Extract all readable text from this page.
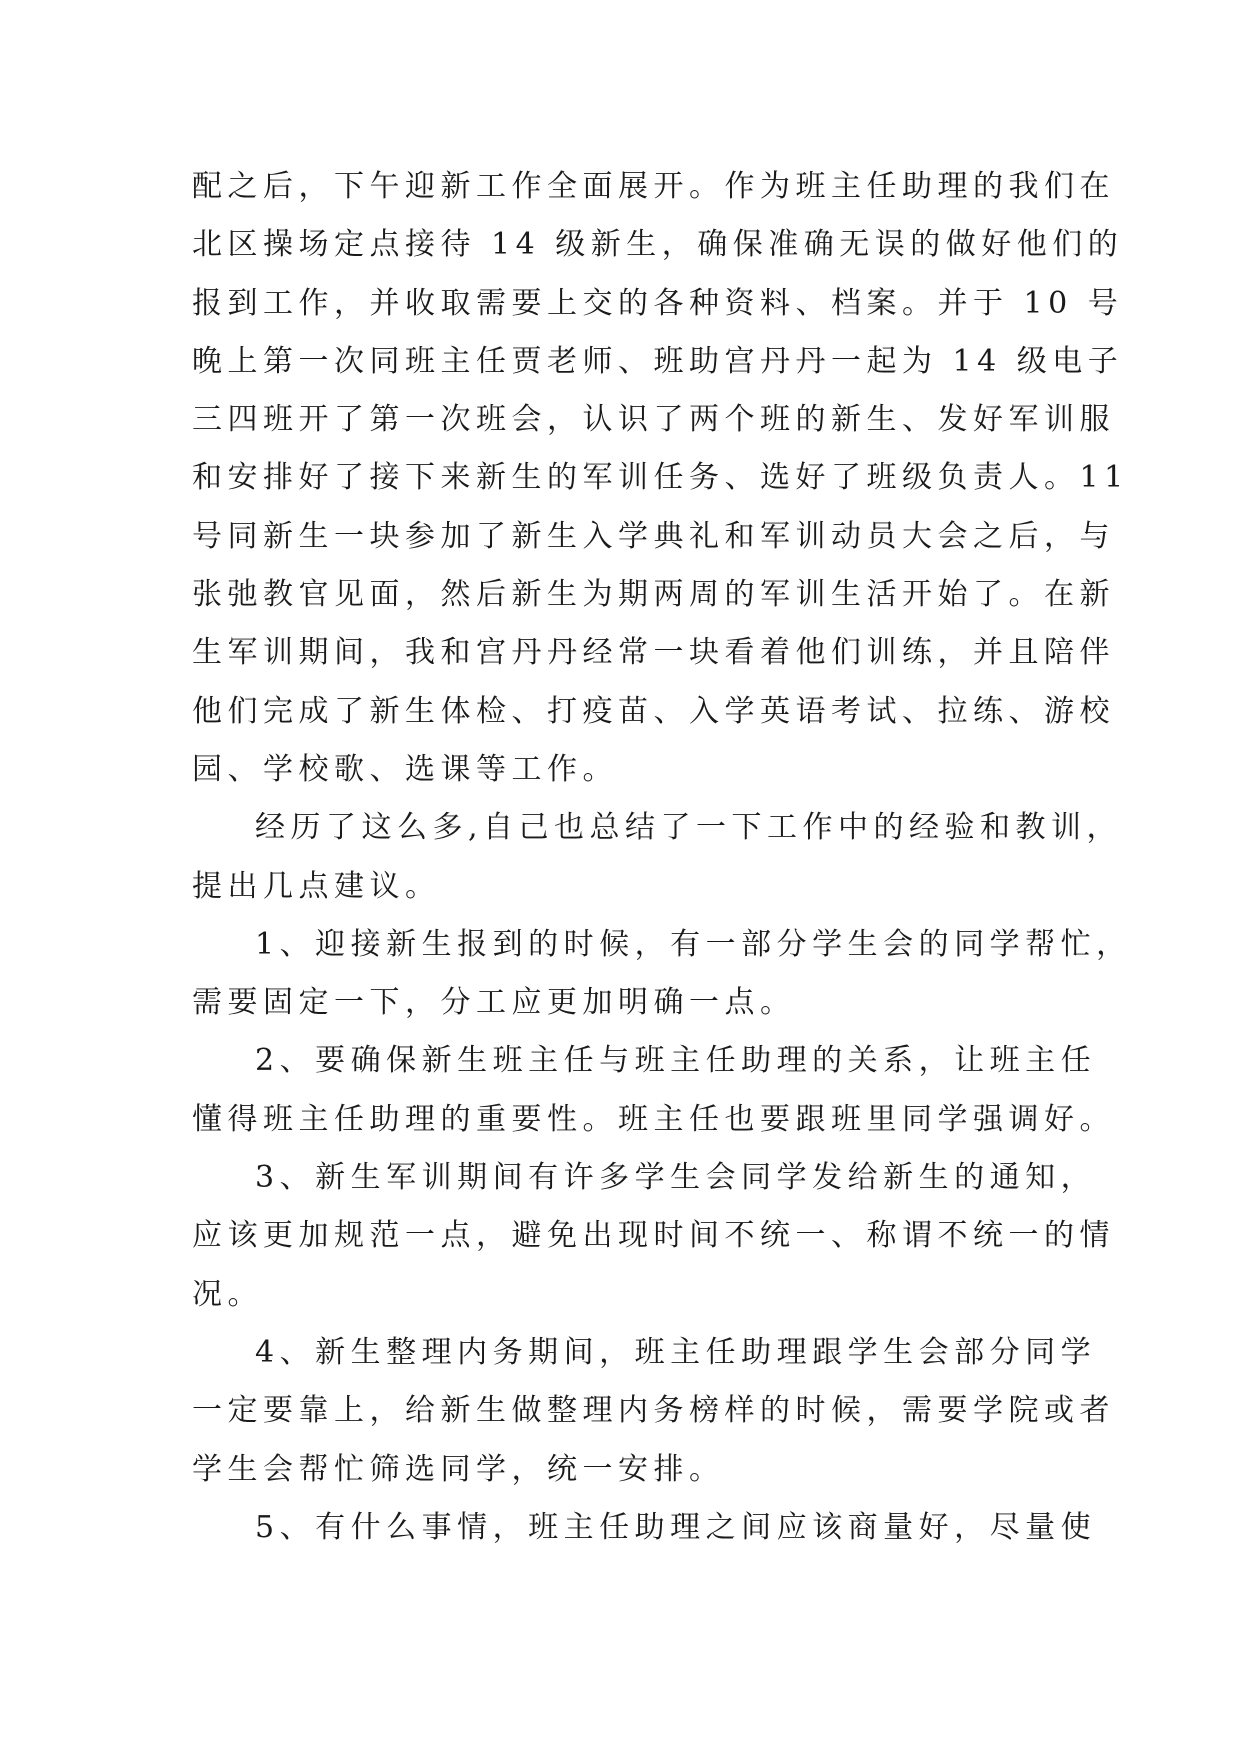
配之后，下午迎新工作全面展开。作为班主任助理的我们在
北区操场定点接待 14 级新生，确保准确无误的做好他们的
报到工作，并收取需要上交的各种资料、档案。并于 10 号
晚上第一次同班主任贾老师、班助宫丹丹一起为 14 级电子
三四班开了第一次班会，认识了两个班的新生、发好军训服
和安排好了接下来新生的军训任务、选好了班级负责人。11
号同新生一块参加了新生入学典礼和军训动员大会之后，与
张弛教官见面，然后新生为期两周的军训生活开始了。在新
生军训期间，我和宫丹丹经常一块看着他们训练，并且陪伴
他们完成了新生体检、打疫苗、入学英语考试、拉练、游校
园、学校歌、选课等工作。
经历了这么多,自己也总结了一下工作中的经验和教训，
提出几点建议。
1、迎接新生报到的时候，有一部分学生会的同学帮忙，
需要固定一下，分工应更加明确一点。
2、要确保新生班主任与班主任助理的关系，让班主任
懂得班主任助理的重要性。班主任也要跟班里同学强调好。
3、新生军训期间有许多学生会同学发给新生的通知，
应该更加规范一点，避免出现时间不统一、称谓不统一的情
况。
4、新生整理内务期间，班主任助理跟学生会部分同学
一定要靠上，给新生做整理内务榜样的时候，需要学院或者
学生会帮忙筛选同学，统一安排。
5、有什么事情，班主任助理之间应该商量好，尽量使
